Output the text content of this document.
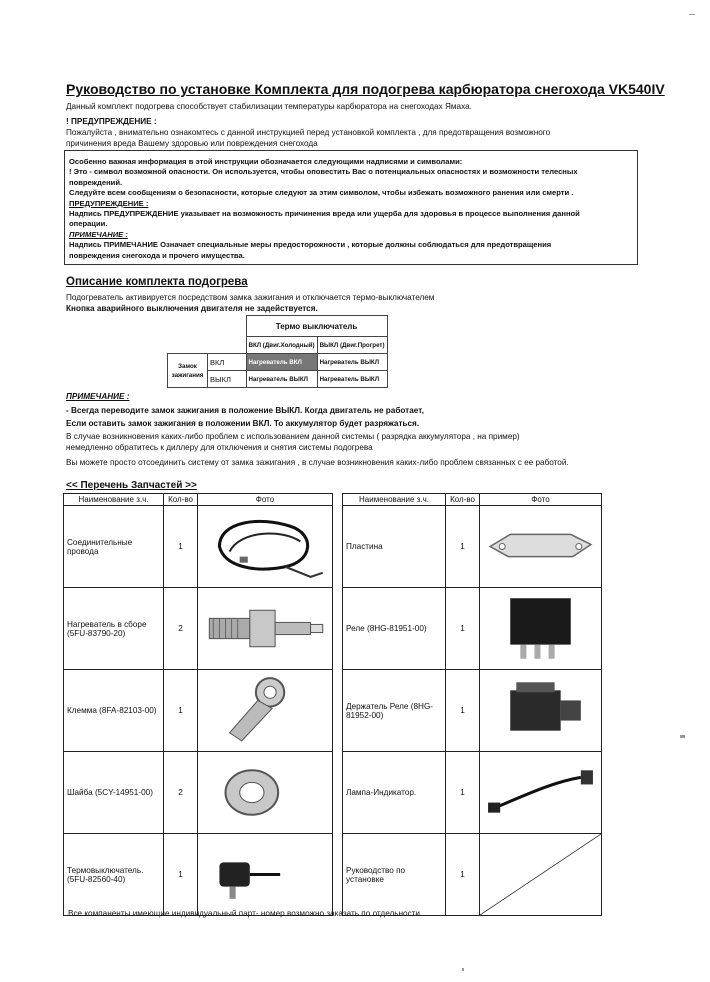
Руководство по установке Комплекта для подогрева карбюратора снегохода VK540IV
Данный комплект подогрева способствует стабилизации температуры карбюратора на снегоходах Ямаха.
! ПРЕДУПРЕЖДЕНИЕ :
Пожалуйста , внимательно ознакомтесь с данной инструкцией перед установкой комплекта , для предотвращения возможного
причинения вреда Вашему здоровью или повреждения снегохода
Особенно важная информация в этой инструкции обозначается следующими надписями и символами:
! Это - символ возможной опасности. Он используется, чтобы оповестить Вас о потенциальных опасностях и возможности телесных
повреждений.
Следуйте всем сообщениям о безопасности, которые следуют за этим символом, чтобы избежать возможного ранения или смерти .
ПРЕДУПРЕЖДЕНИЕ :
Надпись ПРЕДУПРЕЖДЕНИЕ указывает на возможность причинения вреда или ущерба для здоровья в процессе выполнения данной
операции.
ПРИМЕЧАНИЕ :
Надпись ПРИМЕЧАНИЕ Означает специальные меры предосторожности , которые должны соблюдаться для предотвращения
повреждения снегохода и прочего имущества.
Описание комплекта подогрева
Подогреватель активируется посредством замка зажигания и отключается термо-выключателем
Кнопка аварийного выключения двигателя не задействуется.
		Термо выключатель	
		ВКЛ (Двиг.Холодный)	ВЫКЛ (Двиг.Прогрет)
Замок
зажигания	ВКЛ	Нагреватель ВКЛ	Нагреватель ВЫКЛ
	ВЫКЛ	Нагреватель ВЫКЛ	Нагреватель ВЫКЛ
ПРИМЕЧАНИЕ :
- Всегда переводите замок зажигания в положение ВЫКЛ. Когда двигатель не работает,
Если оставить замок зажигания в положении ВКЛ. То аккумулятор будет разряжаться.
В случае возникновения каких-либо проблем с использованием данной системы ( разрядка аккумулятора , на пример)
немедленно обратитесь к диллеру для отключения и снятия системы подогрева
Вы можете просто отсоединить систему от замка зажигания , в случае возникновения каких-либо проблем связанных с ее работой.
<< Перечень Запчастей >>
Наименование з.ч.	Кол-во	Фото
Соединительные провода	1	

Нагреватель в сборе (5FU-83790-20)	2	

Клемма (8FA-82103-00)	1	

Шайба (5CY-14951-00)	2	

Термовыключатель. (5FU-82560-40)	1	
Наименование з.ч.	Кол-во	Фото
Пластина	1	

Реле (8HG-81951-00)	1	

Держатель Реле (8HG-81952-00)	1	

Лампа-Индикатор.	1	

Руководство по установке	1	
Все компаненты имеющие индивидуальный парт- номер возможно заказать по отдельности
